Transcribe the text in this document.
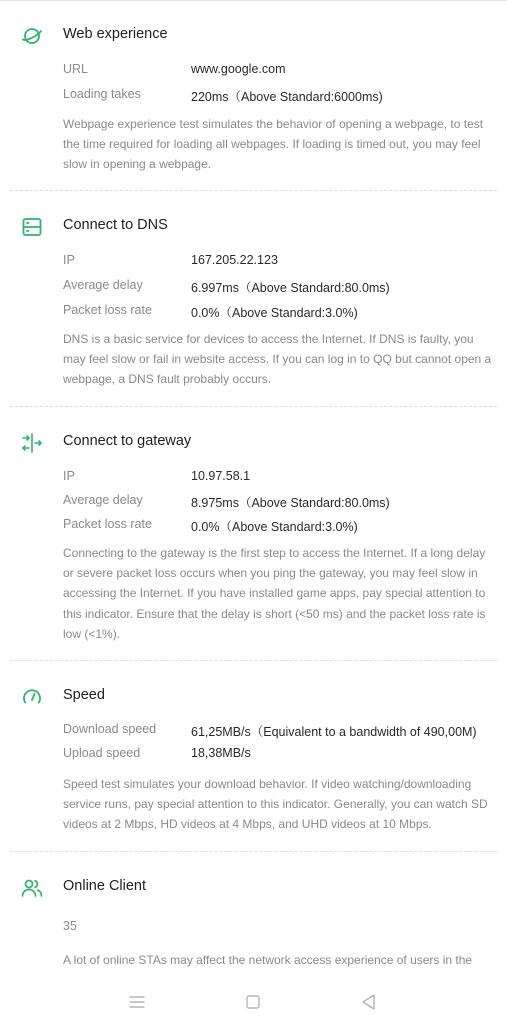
Web experience
URL	www.google.com
Loading takes	220ms（Above Standard:6000ms)
Webpage experience test simulates the behavior of opening a webpage, to test the time required for loading all webpages. If loading is timed out, you may feel slow in opening a webpage.
Connect to DNS
IP	167.205.22.123
Average delay	6.997ms（Above Standard:80.0ms)
Packet loss rate	0.0%（Above Standard:3.0%)
DNS is a basic service for devices to access the Internet. If DNS is faulty, you may feel slow or fail in website access. If you can log in to QQ but cannot open a webpage, a DNS fault probably occurs.
Connect to gateway
IP	10.97.58.1
Average delay	8.975ms（Above Standard:80.0ms)
Packet loss rate	0.0%（Above Standard:3.0%)
Connecting to the gateway is the first step to access the Internet. If a long delay or severe packet loss occurs when you ping the gateway, you may feel slow in accessing the Internet. If you have installed game apps, pay special attention to this indicator. Ensure that the delay is short (<50 ms) and the packet loss rate is low (<1%).
Speed
Download speed	61,25MB/s（Equivalent to a bandwidth of 490,00M)
Upload speed	18,38MB/s
Speed test simulates your download behavior. If video watching/downloading service runs, pay special attention to this indicator. Generally, you can watch SD videos at 2 Mbps, HD videos at 4 Mbps, and UHD videos at 10 Mbps.
Online Client
35
A lot of online STAs may affect the network access experience of users in the
